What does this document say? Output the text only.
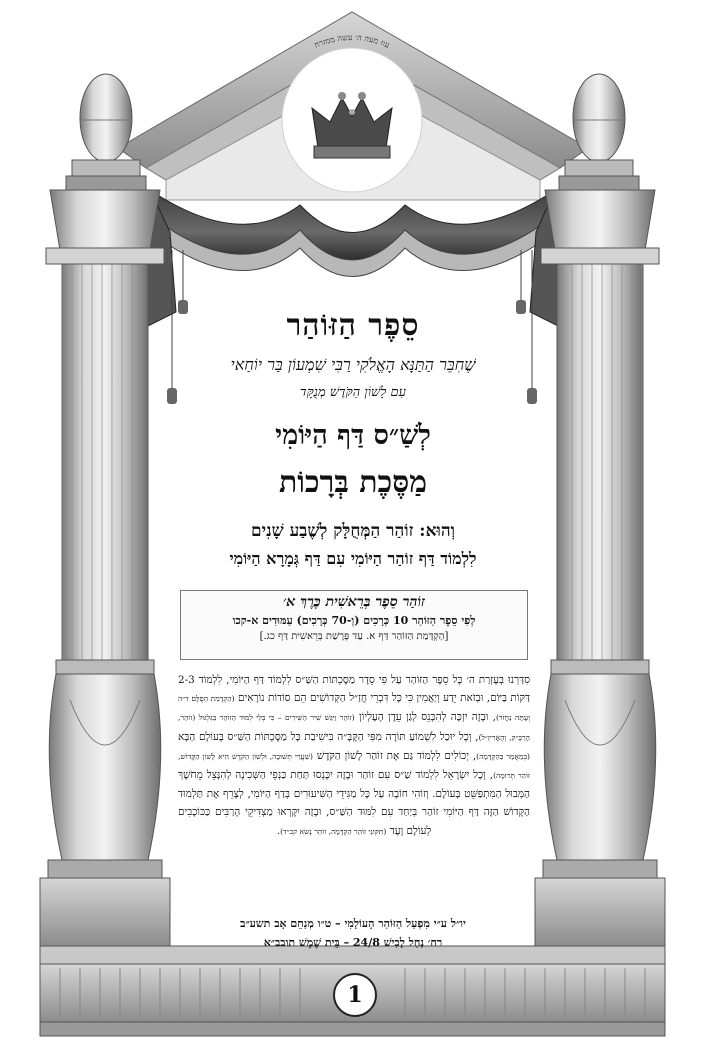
עוז מעה ה׳ עשה ממזרח
סֵפֶר הַזּוֹהַר
שֶׁחִבֵּר הַתַּנָּא הָאֱלֹקִי רַבִּי שִׁמְעוֹן בַּר יוֹחַאי
עִם לָשׁוֹן הַקֹּדֶשׁ מְנֻקָּד
לְשַׁ״ס דַּף הַיּוֹמִי
מַסֶּכֶת בְּרָכוֹת
וְהוּא: זוֹהַר הַמְּחֻלָּק לְשֶׁבַע שָׁנִים
לִלְמוֹד דַּף זוֹהַר הַיּוֹמִי עִם דַּף גְּמָרָא הַיּוֹמִי
זוֹהַר סֵפֶר בְּרֵאשִׁית כֶּרֶךְ א׳
לְפִי סֵפֶר הַזּוֹהַר 10 כְּרָכִים (וְ-70 כְּרָכִים) עַמּוּדִים א-קכו
[הַקְדָּמַת הַזּוֹהַר דַּף א. עַד פָּרָשַׁת בְּרֵאשִׁית דַּף כג.]
סִדַּרְנוּ בְּעֶזְרַת ה׳ כָּל סֵפֶר הַזּוֹהַר עַל פִּי סֵדֶר מַסֶּכְתּוֹת הַשַּׁ״ס לִלְמוֹד דַּף הַיּוֹמִי, לִלְמוֹד 2-3 דַּקּוֹת בַּיּוֹם, וּבְזֹאת יֵדַע וְיַאֲמִין כִּי כָּל דִּבְרֵי חֲזַ״ל הַקְּדוֹשִׁים הֵם סוֹדוֹת נוֹרָאִים (הַקְדָּמַת הַסֻּלָּם ד״ה וְעָתָּה נַחֲזֹר), וּבָזֶה יִזְכֶּה לְהִכָּנֵס לְגַן עֵדֶן הָעֶלְיוֹן (זוֹהַר וַיִּגַּשׁ שִׁיר הַשִּׁירִים – כִּי בְּלִי לִמּוּד הַזּוֹהַר בַּגִּלְגּוּל (זוֹהַר, הָרַבָּ״ק, וְהָאֲרִיזַ״ל), וְכָל יוּכַל לִשְׁמוֹעַ תּוֹרָה מִפִּי הַקָּבָּ״ה בִּישִׁיבַת כָּל מַסֶּכְתּוֹת הַשַּׁ״ס בָּעוֹלָם הַבָּא (בְּמַאֲמַר בַּהַקְדָּמָה), יְכוֹלִים לִלְמוֹד גַּם אֶת זוֹהַר לָשׁוֹן הַקֹּדֶשׁ (שַׁעֲרֵי תְּשׁוּבָה, וּלְשׁוֹן הַקֹּדֶשׁ הִיא לָשׁוֹן הַקָּדוֹשׁ, זוֹהַר תְּרוּמָה), וְכָל יִשְׂרָאֵל לִלְמוֹד שַׁ״ס עִם זוֹהַר וּבָזֶה יִכָּנְסוּ תַּחַת כַּנְפֵי הַשְּׁכִינָה לְהִנָּצֵל מֵחֹשֶׁךְ הַמְּבוּל הַמִּתְפַּשֵּׁט בָּעוֹלָם. וְזוֹהִי חוֹבָה עַל כָּל מַגִּידֵי הַשִּׁיעוּרִים בְּדַף הַיּוֹמִי, לְצָרֵף אֶת תַּלְמוּד הַקָּדוֹשׁ הַזֶּה דַּף הַיּוֹמִי זוֹהַר בְּיַחַד עִם לִמּוּד הַשַּׁ״ס, וּבָזֶה יִקָּרְאוּ מַצְדִּיקֵי הָרַבִּים כַּכּוֹכָבִים לְעוֹלָם וָעֶד (תִּקּוּנֵי זוֹהַר הַקְדָּמָה, זוֹהַר נָשׂא קכ״ד).
יו״ל ע״י מִפְעַל הַזּוֹהַר הָעוֹלָמִי – ט״ו מְנַחֵם אָב תשע״ב
רח׳ נַחַל לָכִישׁ 24/8 – בֵּית שֶׁמֶשׁ תובב״א
1
